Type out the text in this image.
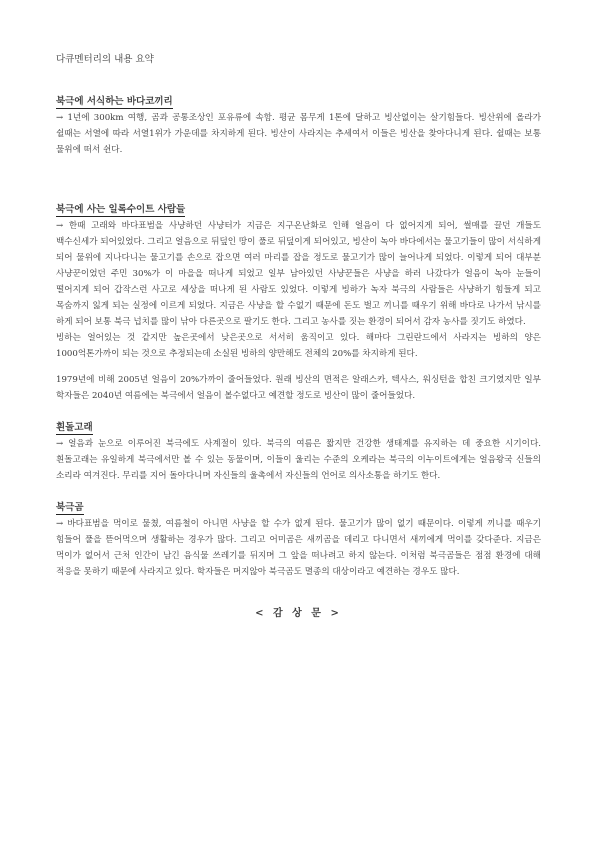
다큐멘터리의 내용 요약

북극에 서식하는 바다코끼리

→ 1년에 300km 여행, 곰과 공통조상인 포유류에 속함. 평균 몸무게 1톤에 달하고 빙산없이는 살기힘들다. 빙산위에 올라가 쉴때는 서열에 따라 서열1위가 가운데를 차지하게 된다. 빙산이 사라지는 추세여서 이들은 빙산을 찾아다니게 된다. 쉴때는 보통 물위에 떠서 쉰다.

북극에 사는 일록수이트 사람들

→ 한때 고래와 바다표범을 사냥하던 사냥터가 지금은 지구온난화로 인해 얼음이 다 없어지게 되어, 썰매를 끌던 개들도 백수신세가 되어있었다. 그리고 얼음으로 뒤덮인 땅이 풀로 뒤덮이게 되어있고, 빙산이 녹아 바다에서는 물고기들이 많이 서식하게 되어 물위에 지나다니는 물고기를 손으로 잡으면 여러 마리를 잡을 정도로 물고기가 많이 늘어나게 되었다. 이렇게 되어 대부분 사냥꾼이었던 주민 30%가 이 마을을 떠나게 되었고 일부 남아있던 사냥꾼들은 사냥을 하러 나갔다가 얼음이 녹아 눈들이 떨어지게 되어 갑작스런 사고로 세상을 떠나게 된 사람도 있었다. 이렇게 빙하가 녹자 북극의 사람들은 사냥하기 힘들게 되고 목숨까지 잃게 되는 실정에 이르게 되었다. 지금은 사냥을 할 수없기 때문에 돈도 벌고 끼니를 때우기 위해 바다로 나가서 낚시를 하게 되어 보통 북극 넙치를 많이 낚아 다른곳으로 팔기도 한다. 그리고 농사를 짓는 환경이 되어서 감자 농사를 짓기도 하였다.

빙하는 얼어있는 것 같지만 높은곳에서 낮은곳으로 서서히 움직이고 있다. 해마다 그린란드에서 사라지는 빙하의 양은 1000억톤가까이 되는 것으로 추정되는데 소실된 빙하의 양만해도 전체의 20%를 차지하게 된다.

1979년에 비해 2005년 얼음이 20%가까이 줄어들었다. 원래 빙산의 면적은 알래스카, 텍사스, 워싱턴을 합친 크기였지만 일부 학자들은 2040년 여름에는 북극에서 얼음이 볼수없다고 예견할 정도로 빙산이 많이 줄어들었다.

흰돌고래

→ 얼음과 눈으로 이루어진 북극에도 사계절이 있다. 북극의 여름은 짧지만 건강한 생태계를 유지하는 데 중요한 시기이다. 흰돌고래는 유일하게 북극에서만 볼 수 있는 동물이며, 이들이 울리는 수준의 오케라는 북극의 이누이트에게는 얼음왕국 신들의 소리라 여겨진다. 무리를 지어 돌아다니며 자신들의 울촉에서 자신들의 언어로 의사소통을 하기도 한다.

북극곰

→ 바다표범을 먹이로 물쳤, 여름철이 아니면 사냥을 할 수가 없게 된다. 물고기가 많이 없기 때문이다. 이렇게 끼니를 때우기 힘들어 풀을 뜯어먹으며 생활하는 경우가 많다. 그리고 어미곰은 새끼곰을 데리고 다니면서 새끼에게 먹이를 갖다준다. 지금은 먹이가 없어서 근처 인간이 남긴 음식물 쓰레기를 뒤지며 그 앞을 떠나려고 하지 않는다. 이처럼 북극곰들은 점점 환경에 대해 적응을 못하기 때문에 사라지고 있다. 학자들은 머지않아 북극곰도 멸종의 대상이라고 예견하는 경우도 많다.

< 감 상 문 >
